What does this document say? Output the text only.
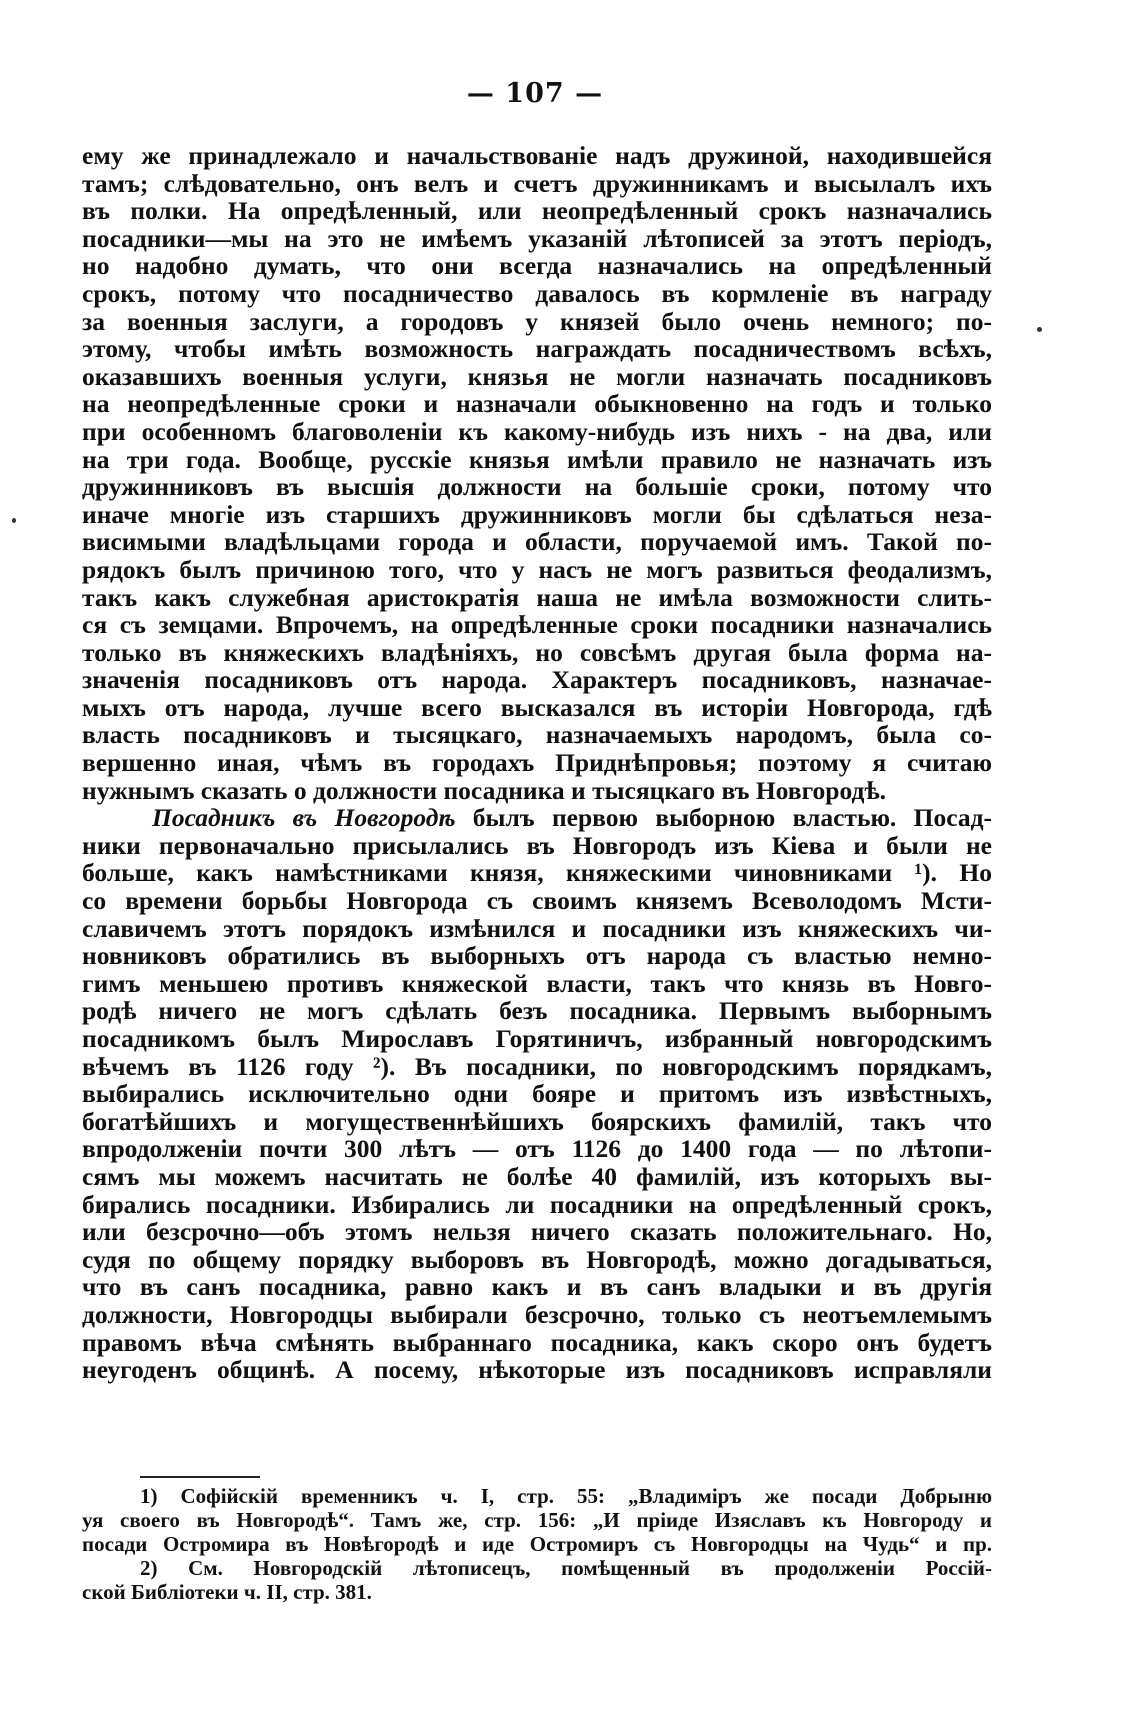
— 107 —
ему же принадлежало и начальствованіе надъ дружиной, находившейся
тамъ; слѣдовательно, онъ велъ и счетъ дружинникамъ и высылалъ ихъ
въ полки. На опредѣленный, или неопредѣленный срокъ назначались
посадники—мы на это не имѣемъ указаній лѣтописей за этотъ періодъ,
но надобно думать, что они всегда назначались на опредѣленный
срокъ, потому что посадничество давалось въ кормленіе въ награду
за военныя заслуги, а городовъ у князей было очень немного; по-
этому, чтобы имѣть возможность награждать посадничествомъ всѣхъ,
оказавшихъ военныя услуги, князья не могли назначать посадниковъ
на неопредѣленные сроки и назначали обыкновенно на годъ и только
при особенномъ благоволеніи къ какому-нибудь изъ нихъ - на два, или
на три года. Вообще, русскіе князья имѣли правило не назначать изъ
дружинниковъ въ высшія должности на большіе сроки, потому что
иначе многіе изъ старшихъ дружинниковъ могли бы сдѣлаться неза-
висимыми владѣльцами города и области, поручаемой имъ. Такой по-
рядокъ былъ причиною того, что у насъ не могъ развиться феодализмъ,
такъ какъ служебная аристократія наша не имѣла возможности слить-
ся съ земцами. Впрочемъ, на опредѣленные сроки посадники назначались
только въ княжескихъ владѣніяхъ, но совсѣмъ другая была форма на-
значенія посадниковъ отъ народа. Характеръ посадниковъ, назначае-
мыхъ отъ народа, лучше всего высказался въ исторіи Новгорода, гдѣ
власть посадниковъ и тысяцкаго, назначаемыхъ народомъ, была со-
вершенно иная, чѣмъ въ городахъ Приднѣпровья; поэтому я считаю
нужнымъ сказать о должности посадника и тысяцкаго въ Новгородѣ.
Посадникъ въ Новгородѣ былъ первою выборною властью. Посад-
ники первоначально присылались въ Новгородъ изъ Кіева и были не
больше, какъ намѣстниками князя, княжескими чиновниками ¹). Но
со времени борьбы Новгорода съ своимъ княземъ Всеволодомъ Мсти-
славичемъ этотъ порядокъ измѣнился и посадники изъ княжескихъ чи-
новниковъ обратились въ выборныхъ отъ народа съ властью немно-
гимъ меньшею противъ княжеской власти, такъ что князь въ Новго-
родѣ ничего не могъ сдѣлать безъ посадника. Первымъ выборнымъ
посадникомъ былъ Мирославъ Горятиничъ, избранный новгородскимъ
вѣчемъ въ 1126 году ²). Въ посадники, по новгородскимъ порядкамъ,
выбирались исключительно одни бояре и притомъ изъ извѣстныхъ,
богатѣйшихъ и могущественнѣйшихъ боярскихъ фамилій, такъ что
впродолженіи почти 300 лѣтъ — отъ 1126 до 1400 года — по лѣтопи-
сямъ мы можемъ насчитать не болѣе 40 фамилій, изъ которыхъ вы-
бирались посадники. Избирались ли посадники на опредѣленный срокъ,
или безсрочно—объ этомъ нельзя ничего сказать положительнаго. Но,
судя по общему порядку выборовъ въ Новгородѣ, можно догадываться,
что въ санъ посадника, равно какъ и въ санъ владыки и въ другія
должности, Новгородцы выбирали безсрочно, только съ неотъемлемымъ
правомъ вѣча смѣнять выбраннаго посадника, какъ скоро онъ будетъ
неугоденъ общинѣ. А посему, нѣкоторые изъ посадниковъ исправляли
1) Софійскій временникъ ч. I, стр. 55: „Владиміръ же посади Добрыню
уя своего въ Новгородѣ“. Тамъ же, стр. 156: „И пріиде Изяславъ къ Новгороду и
посади Остромира въ Новѣгородѣ и иде Остромиръ съ Новгородцы на Чудь“ и пр.
2) См. Новгородскій лѣтописецъ, помѣщенный въ продолженіи Россій-
ской Библіотеки ч. II, стр. 381.
